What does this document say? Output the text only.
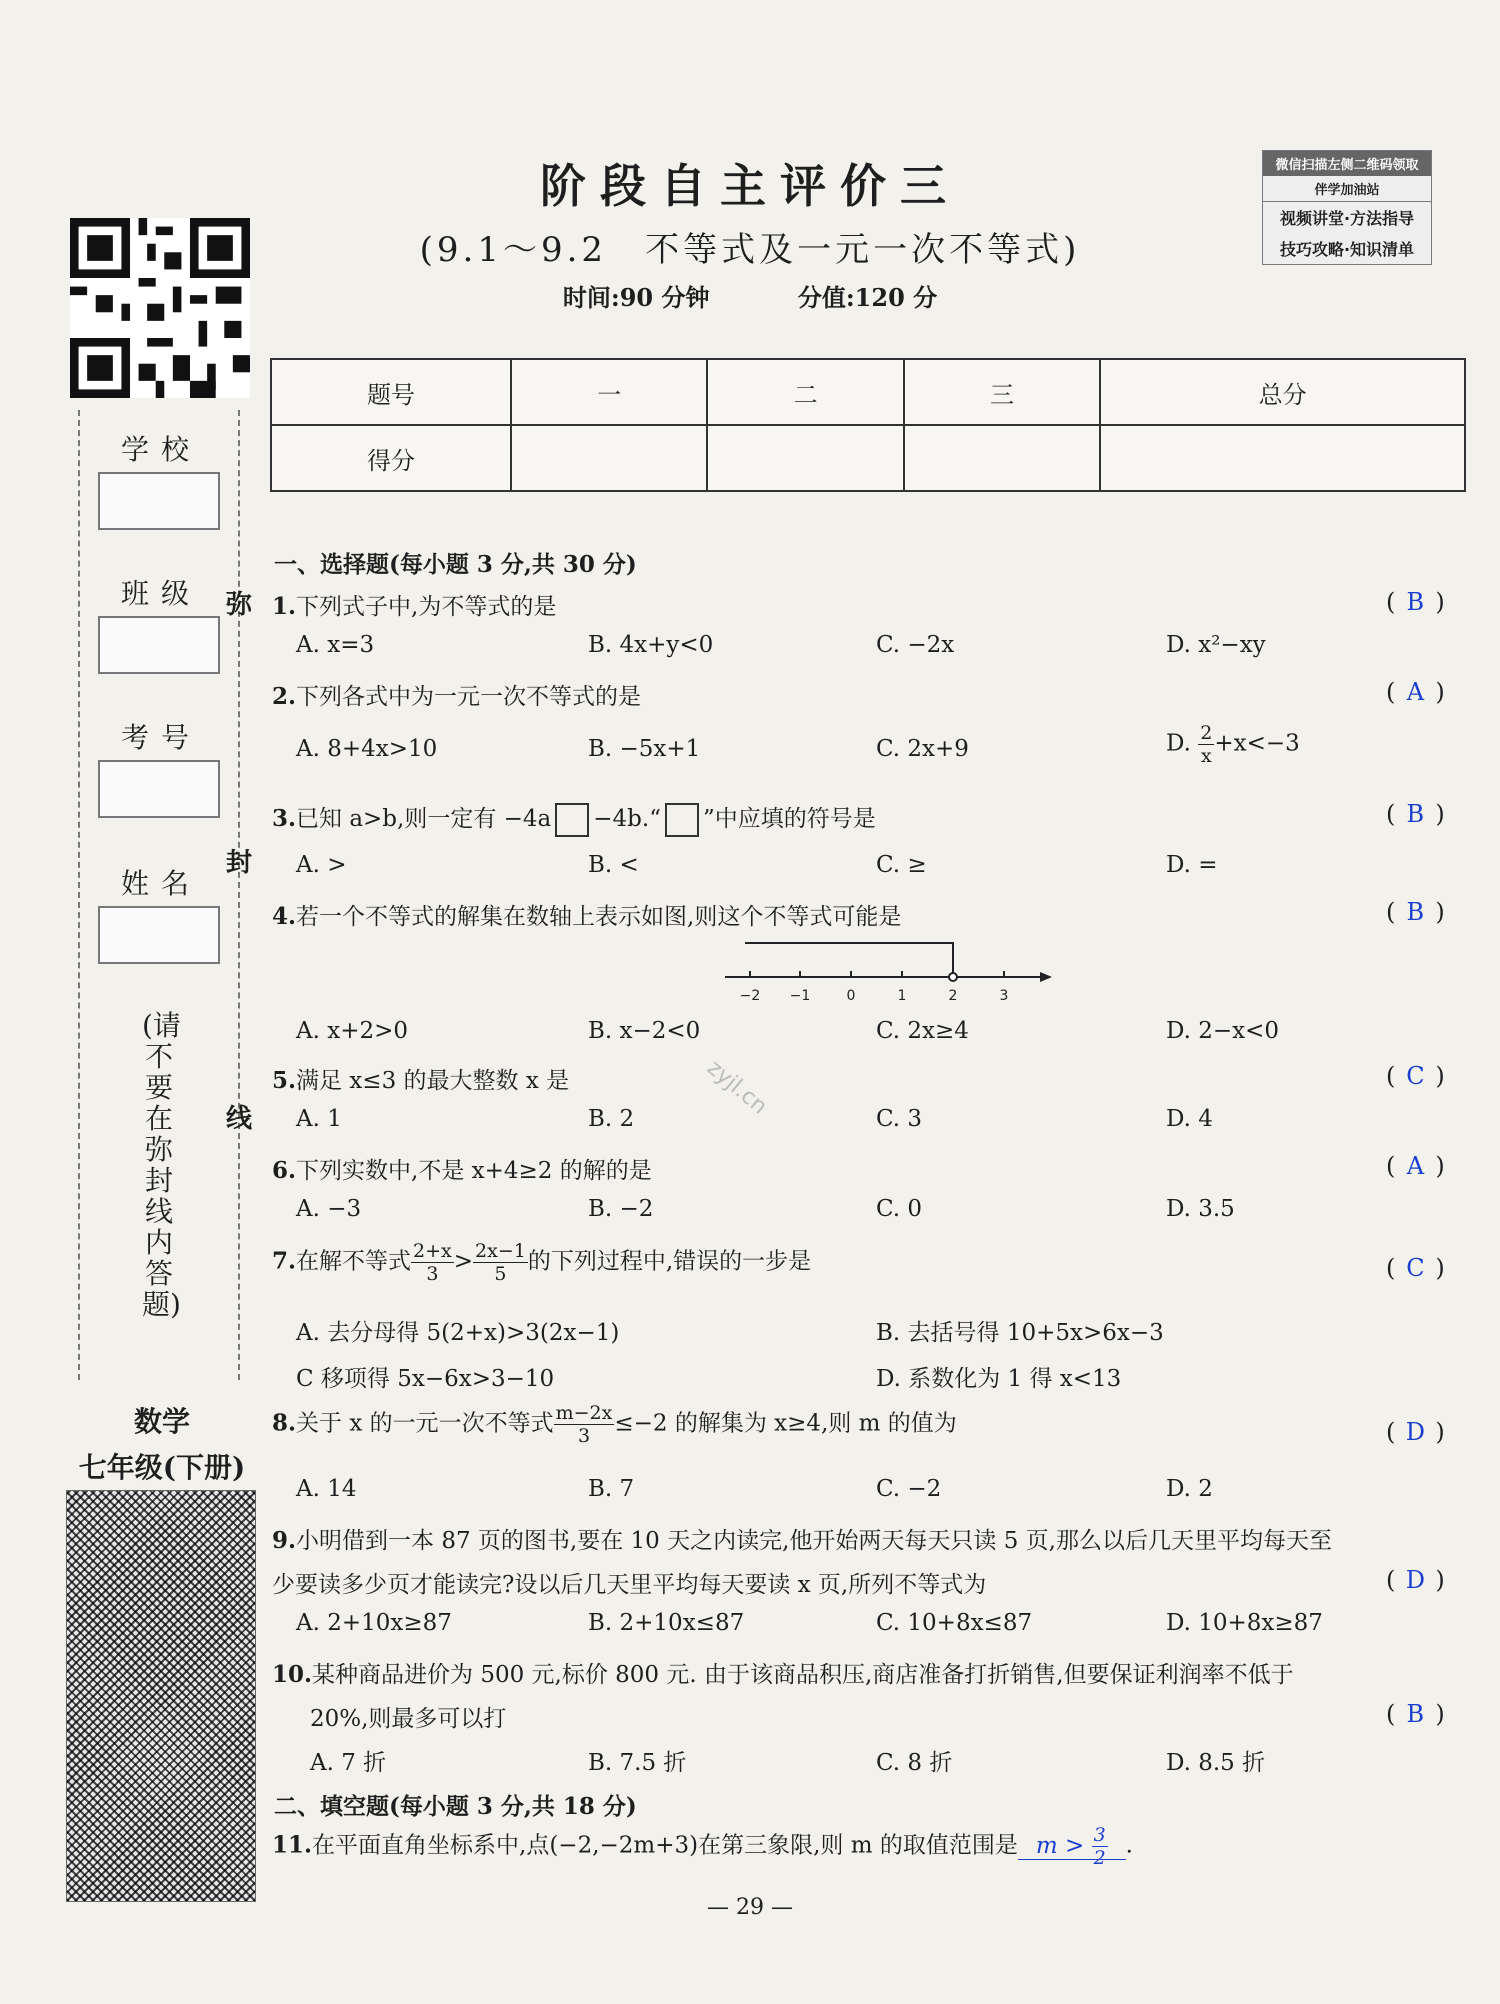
阶段自主评价三
(9.1～9.2　不等式及一元一次不等式)
时间:90 分钟	分值:120 分
微信扫描左侧二维码领取
伴学加油站
视频讲堂·方法指导
技巧攻略·知识清单
学校
班级
考号
姓名
(请不要在弥封线内答题)
弥
封
线
数学
七年级(下册)
题号	一	二	三	总分
得分				
一、选择题(每小题 3 分,共 30 分)
1.下列式子中,为不等式的是	( B )
A. x=3	B. 4x+y<0	C. −2x	D. x²−xy
2.下列各式中为一元一次不等式的是	( A )
A. 8+4x>10	B. −5x+1	C. 2x+9	D. $\frac{2}{x} +x<-3$
3.已知 a>b,则一定有 −4a −4b.“ ”中应填的符号是	( B )
A. >	B. <	C. ≥	D. =
4.若一个不等式的解集在数轴上表示如图,则这个不等式可能是	( B )
−2 −1	0	1	2	3
A. x+2>0	B. x−2<0	C. 2x≥4	D. 2−x<0
5.满足 x≤3 的最大整数 x 是	( C )
A. 1	B. 2	C. 3	D. 4
zyjl.cn
6.下列实数中,不是 x+4≥2 的解的是	( A )
A. −3	B. −2	C. 0	D. 3.5
7.在解不等式 $\frac{2+x}{3} > \frac{2x-1}{5}$ 的下列过程中,错误的一步是	( C )
A. 去分母得 5(2+x)>3(2x−1)	B. 去括号得 10+5x>6x−3
C 移项得 5x−6x>3−10	D. 系数化为 1 得 x<13
8.关于 x 的一元一次不等式 $\frac{m-2x}{3} \le-2$ 的解集为 x≥4,则 m 的值为	( D )
A. 14	B. 7	C. −2	D. 2
9.小明借到一本 87 页的图书,要在 10 天之内读完,他开始两天每天只读 5 页,那么以后几天里平均每天至
少要读多少页才能读完?设以后几天里平均每天要读 x 页,所列不等式为	( D )
A. 2+10x≥87	B. 2+10x≤87	C. 10+8x≤87	D. 10+8x≥87
10.某种商品进价为 500 元,标价 800 元. 由于该商品积压,商店准备打折销售,但要保证利润率不低于
20%,则最多可以打	( B )
A. 7 折	B. 7.5 折	C. 8 折	D. 8.5 折
二、填空题(每小题 3 分,共 18 分)
11.在平面直角坐标系中,点(−2,−2m+3)在第三象限,则 m 的取值范围是 $m > \frac{3}{2}$ .
— 29 —
